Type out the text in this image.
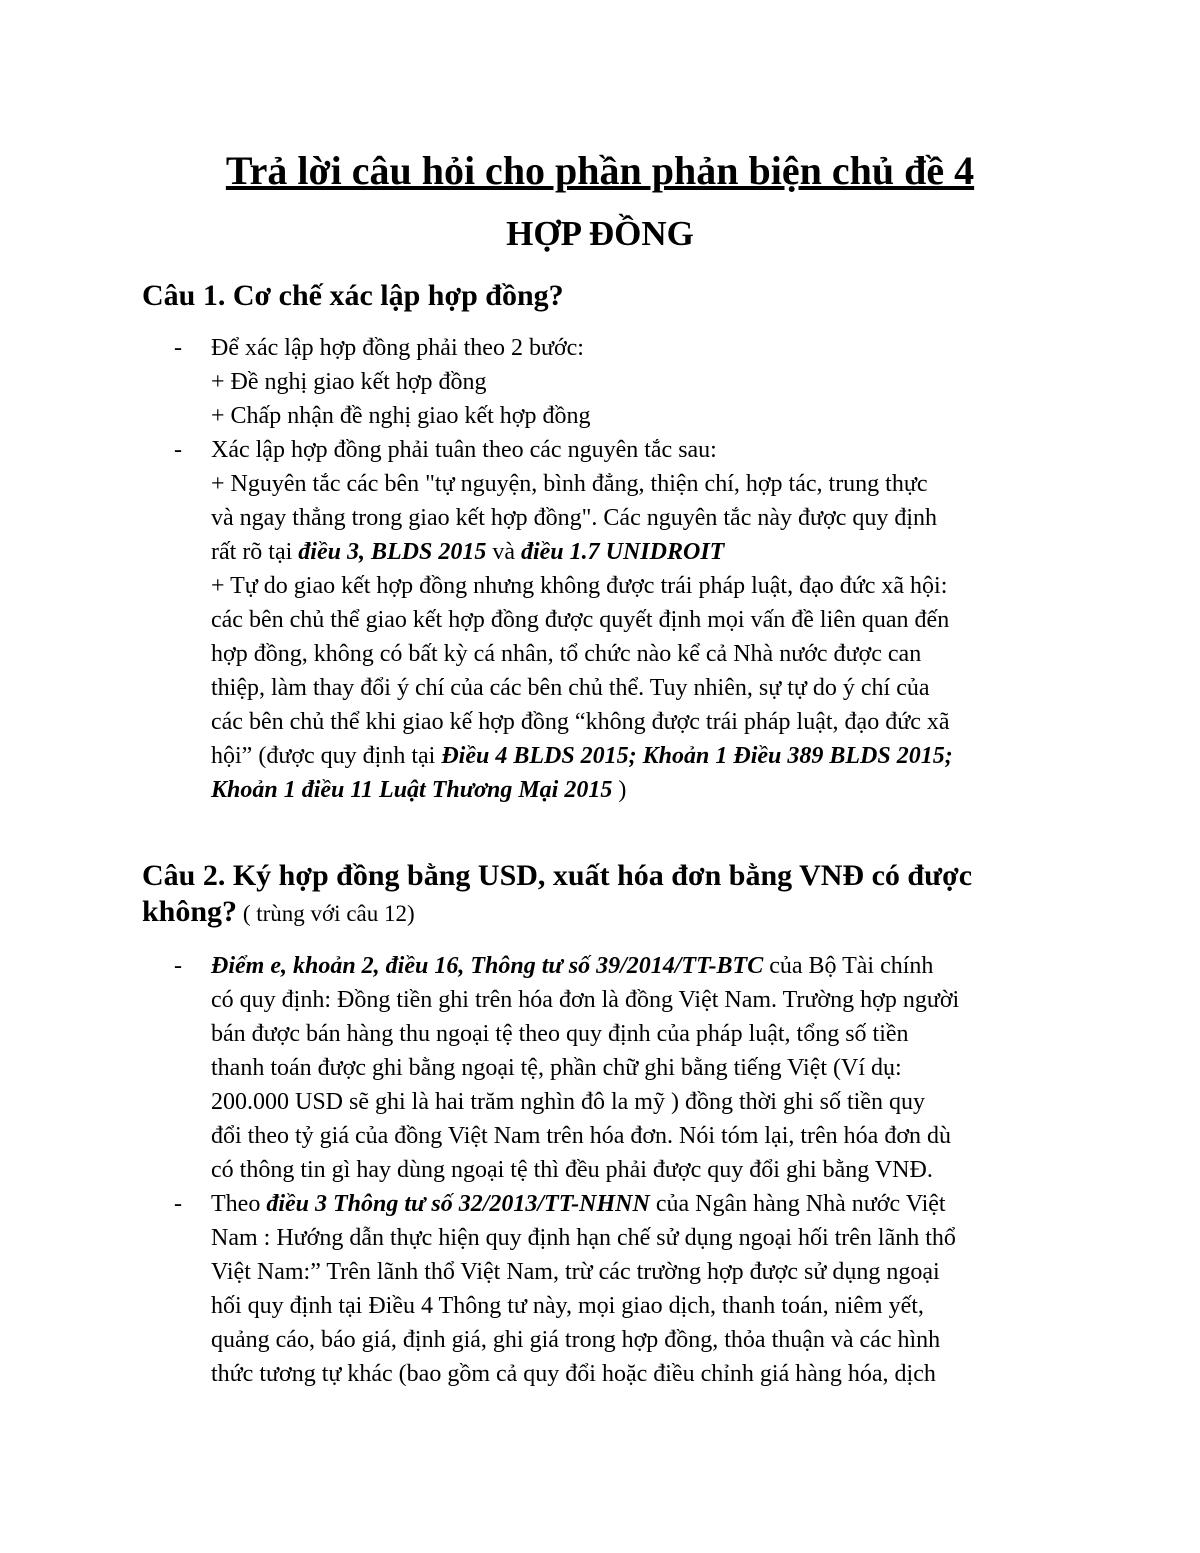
Trả lời câu hỏi cho phần phản biện chủ đề 4
HỢP ĐỒNG
Câu 1. Cơ chế xác lập hợp đồng?
- Để xác lập hợp đồng phải theo 2 bước:
+ Đề nghị giao kết hợp đồng
+ Chấp nhận đề nghị giao kết hợp đồng
- Xác lập hợp đồng phải tuân theo các nguyên tắc sau:
+ Nguyên tắc các bên "tự nguyện, bình đẳng, thiện chí, hợp tác, trung thực
và ngay thẳng trong giao kết hợp đồng". Các nguyên tắc này được quy định
rất rõ tại điều 3, BLDS 2015 và điều 1.7 UNIDROIT
+ Tự do giao kết hợp đồng nhưng không được trái pháp luật, đạo đức xã hội:
các bên chủ thể giao kết hợp đồng được quyết định mọi vấn đề liên quan đến
hợp đồng, không có bất kỳ cá nhân, tổ chức nào kể cả Nhà nước được can
thiệp, làm thay đổi ý chí của các bên chủ thể. Tuy nhiên, sự tự do ý chí của
các bên chủ thể khi giao kế hợp đồng “không được trái pháp luật, đạo đức xã
hội” (được quy định tại Điều 4 BLDS 2015; Khoản 1 Điều 389 BLDS 2015;
Khoản 1 điều 11 Luật Thương Mại 2015 )
Câu 2. Ký hợp đồng bằng USD, xuất hóa đơn bằng VNĐ có được
không? ( trùng với câu 12)
- Điểm e, khoản 2, điều 16, Thông tư số 39/2014/TT-BTC của Bộ Tài chính
có quy định: Đồng tiền ghi trên hóa đơn là đồng Việt Nam. Trường hợp người
bán được bán hàng thu ngoại tệ theo quy định của pháp luật, tổng số tiền
thanh toán được ghi bằng ngoại tệ, phần chữ ghi bằng tiếng Việt (Ví dụ:
200.000 USD sẽ ghi là hai trăm nghìn đô la mỹ ) đồng thời ghi số tiền quy
đổi theo tỷ giá của đồng Việt Nam trên hóa đơn. Nói tóm lại, trên hóa đơn dù
có thông tin gì hay dùng ngoại tệ thì đều phải được quy đổi ghi bằng VNĐ.
- Theo điều 3 Thông tư số 32/2013/TT-NHNN của Ngân hàng Nhà nước Việt
Nam : Hướng dẫn thực hiện quy định hạn chế sử dụng ngoại hối trên lãnh thổ
Việt Nam:” Trên lãnh thổ Việt Nam, trừ các trường hợp được sử dụng ngoại
hối quy định tại Điều 4 Thông tư này, mọi giao dịch, thanh toán, niêm yết,
quảng cáo, báo giá, định giá, ghi giá trong hợp đồng, thỏa thuận và các hình
thức tương tự khác (bao gồm cả quy đổi hoặc điều chỉnh giá hàng hóa, dịch
